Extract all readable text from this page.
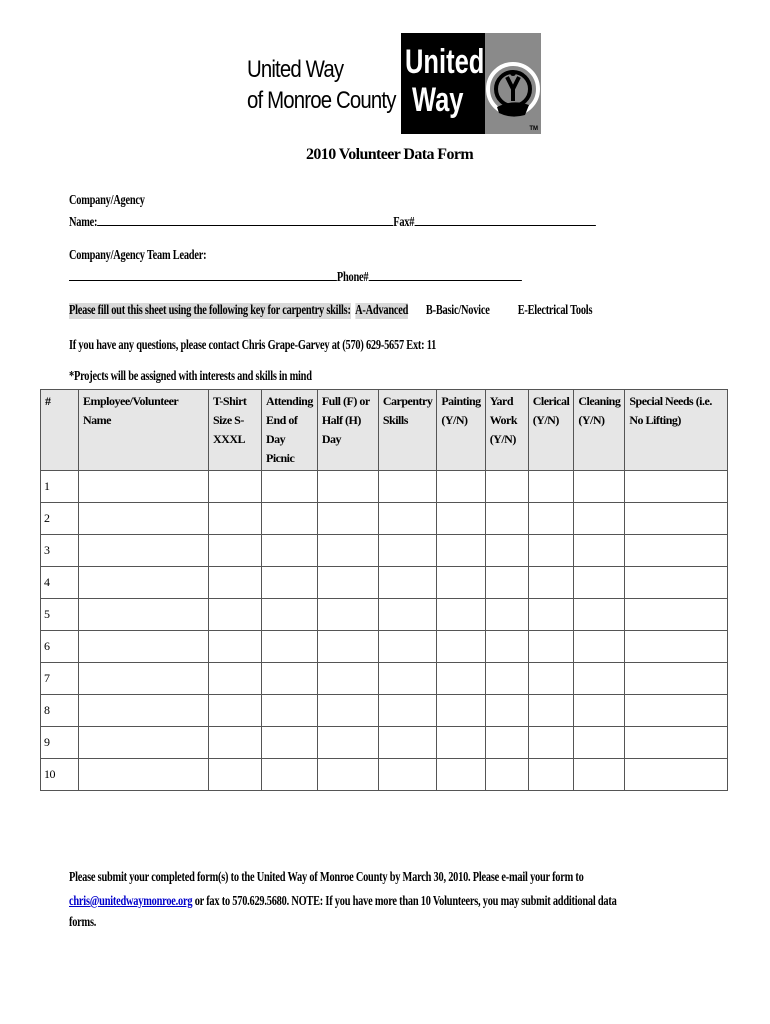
United Way
of Monroe County
TM
United
Way
2010 Volunteer Data Form
Company/Agency
Name:	Fax#
Company/Agency Team Leader:
Phone#
Please fill out this sheet using the following key for carpentry skills: A-Advanced B-Basic/Novice E-Electrical Tools
If you have any questions, please contact Chris Grape-Garvey at (570) 629-5657 Ext: 11
*Projects will be assigned with interests and skills in mind
#	Employee/Volunteer Name	T-Shirt Size S-XXXL	Attending End of Day Picnic	Full (F) or Half (H) Day	Carpentry Skills	Painting (Y/N)	Yard Work (Y/N)	Clerical (Y/N)	Cleaning (Y/N)	Special Needs (i.e. No Lifting)
1										
2										
3										
4										
5										
6										
7										
8										
9										
10										
Please submit your completed form(s) to the United Way of Monroe County by March 30, 2010. Please e-mail your form to
chris@unitedwaymonroe.org or fax to 570.629.5680. NOTE: If you have more than 10 Volunteers, you may submit additional data
forms.
